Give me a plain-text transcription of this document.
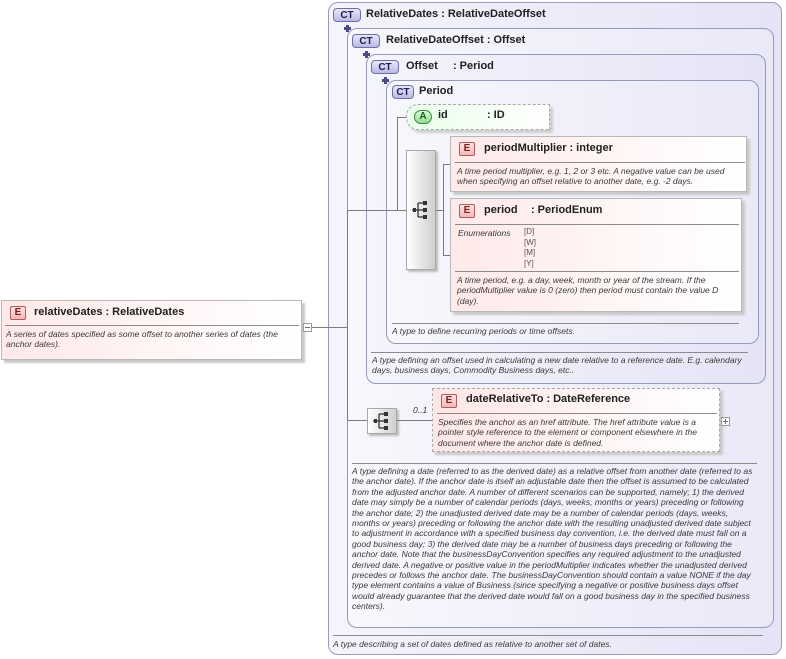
CT	RelativeDates : RelativeDateOffset
A type describing a set of dates defined as relative to another set of dates.
CT	RelativeDateOffset : Offset
A type defining a date (referred to as the derived date) as a relative offset from another date (referred to as the anchor date). If the anchor date is itself an adjustable date then the offset is assumed to be calculated from the adjusted anchor date. A number of different scenarios can be supported, namely; 1) the derived date may simply be a number of calendar periods (days, weeks, months or years) preceding or following the anchor date; 2) the unadjusted derived date may be a number of calendar periods (days, weeks, months or years) preceding or following the anchor date with the resulting unadjusted derived date subject to adjustment in accordance with a specified business day convention, i.e. the derived date must fall on a good business day; 3) the derived date may be a number of business days preceding or following the anchor date. Note that the businessDayConvention specifies any required adjustment to the unadjusted derived date. A negative or positive value in the periodMultiplier indicates whether the unadjusted derived precedes or follows the anchor date. The businessDayConvention should contain a value NONE if the day type element contains a value of Business (since specifying a negative or positive business days offset would already guarantee that the derived date would fall on a good business day in the specified business centers).
CT	Offset : Period
A type defining an offset used in calculating a new date relative to a reference date. E.g. calendary days, business days, Commodity Business days, etc..
CT Period
A type to define recurring periods or time offsets.
A	id	: ID
E	periodMultiplier : integer
A time period multiplier, e.g. 1, 2 or 3 etc. A negative value can be used when specifying an offset relative to another date, e.g. -2 days.
E	period : PeriodEnum
Enumerations [D]
[W]
[M]
[Y]
A time period, e.g. a day, week, month or year of the stream. If the periodMultiplier value is 0 (zero) then period must contain the value D (day).
E	dateRelativeTo : DateReference
Specifies the anchor as an href attribute. The href attribute value is a pointer style reference to the element or component elsewhere in the document where the anchor date is defined.
0..1
E	relativeDates : RelativeDates
A series of dates specified as some offset to another series of dates (the anchor dates).
